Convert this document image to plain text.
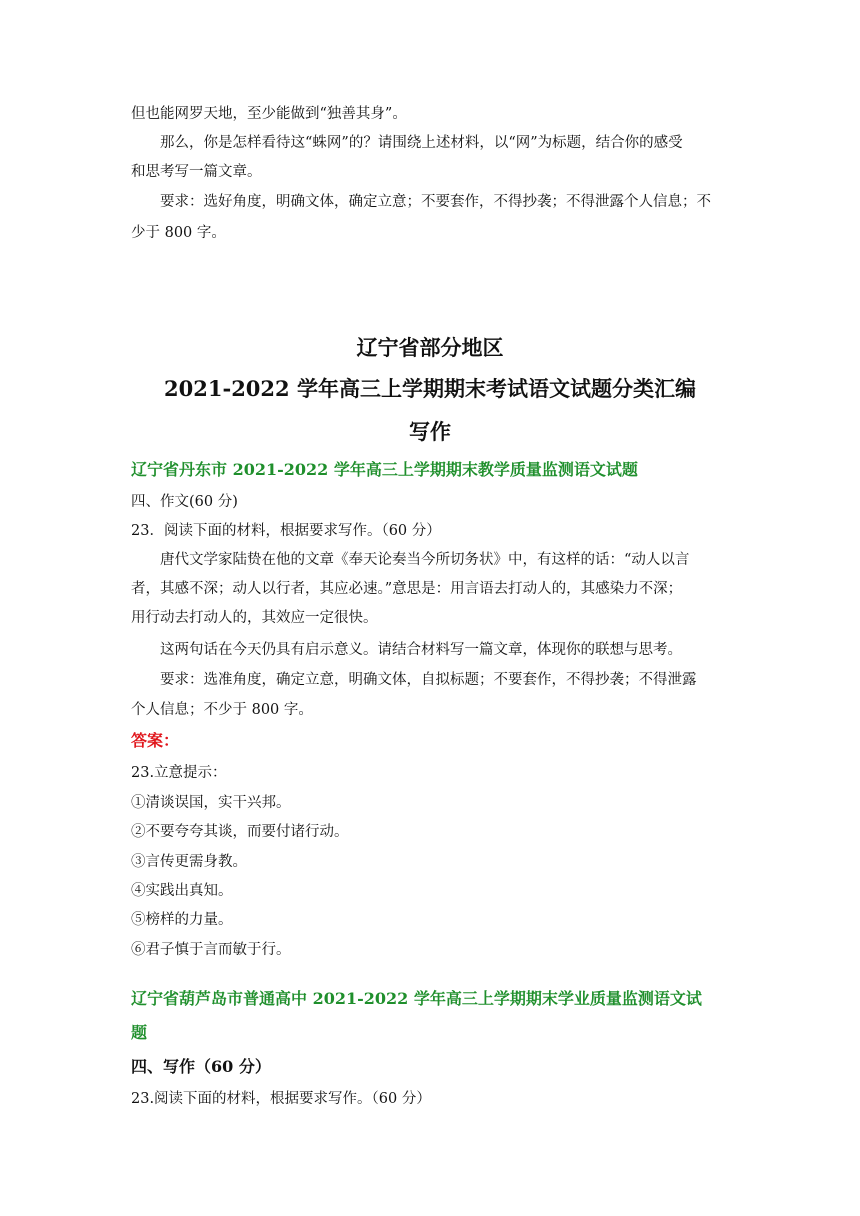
但也能网罗天地，至少能做到“独善其身”。
那么，你是怎样看待这“蛛网”的？请围绕上述材料，以“网”为标题，结合你的感受
和思考写一篇文章。
要求：选好角度，明确文体，确定立意；不要套作，不得抄袭；不得泄露个人信息；不
少于 800 字。
辽宁省部分地区
2021-2022 学年高三上学期期末考试语文试题分类汇编
写作
辽宁省丹东市 2021-2022 学年高三上学期期末教学质量监测语文试题
四、作文(60 分)
23．阅读下面的材料，根据要求写作。（60 分）
唐代文学家陆贽在他的文章《奉天论奏当今所切务状》中，有这样的话：“动人以言
者，其感不深；动人以行者，其应必速。”意思是：用言语去打动人的，其感染力不深；
用行动去打动人的，其效应一定很快。
这两句话在今天仍具有启示意义。请结合材料写一篇文章，体现你的联想与思考。
要求：选准角度，确定立意，明确文体，自拟标题；不要套作，不得抄袭；不得泄露
个人信息；不少于 800 字。
答案：
23.立意提示：
①清谈误国，实干兴邦。
②不要夸夸其谈，而要付诸行动。
③言传更需身教。
④实践出真知。
⑤榜样的力量。
⑥君子慎于言而敏于行。
辽宁省葫芦岛市普通高中 2021-2022 学年高三上学期期末学业质量监测语文试
题
四、写作（60 分）
23.阅读下面的材料，根据要求写作。（60 分）
